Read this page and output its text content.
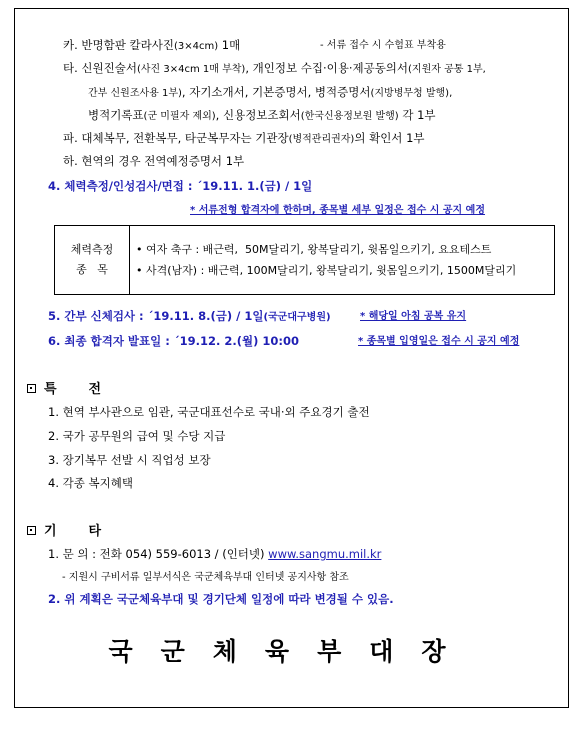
카. 반명함판 칼라사진(3×4cm) 1매	- 서류 접수 시 수험표 부착용
타. 신원진술서(사진 3×4cm 1매 부착), 개인정보 수집·이용·제공동의서(지원자 공통 1부,
간부 신원조사용 1부), 자기소개서, 기본증명서, 병적증명서(지방병무청 발행),
병적기록표(군 미필자 제외), 신용정보조회서(한국신용정보원 발행) 각 1부
파. 대체복무, 전환복무, 타군복무자는 기관장(병적관리권자)의 확인서 1부
하. 현역의 경우 전역예정증명서 1부
4. 체력측정/인성검사/면접 : ´19.11. 1.(금) / 1일
* 서류전형 합격자에 한하며, 종목별 세부 일정은 접수 시 공지 예정
체력측정
종   목

• 여자 축구 : 배근력,  50M달리기, 왕복달리기, 윗몸일으키기, 요요테스트
• 사격(남자) : 배근력, 100M달리기, 왕복달리기, 윗몸일으키기, 1500M달리기
5. 간부 신체검사 : ´19.11. 8.(금) / 1일(국군대구병원)	* 해당일 아침 공복 유지
6. 최종 합격자 발표일 : ´19.12. 2.(월) 10:00	* 종목별 입영일은 접수 시 공지 예정
특전
1. 현역 부사관으로 임관, 국군대표선수로 국내·외 주요경기 출전
2. 국가 공무원의 급여 및 수당 지급
3. 장기복무 선발 시 직업성 보장
4. 각종 복지혜택
기타
1. 문 의 : 전화 054) 559-6013 / (인터넷) www.sangmu.mil.kr
- 지원시 구비서류 일부서식은 국군체육부대 인터넷 공지사항 참조
2. 위 계획은 국군체육부대 및 경기단체 일정에 따라 변경될 수 있음.
국군체육부대장
